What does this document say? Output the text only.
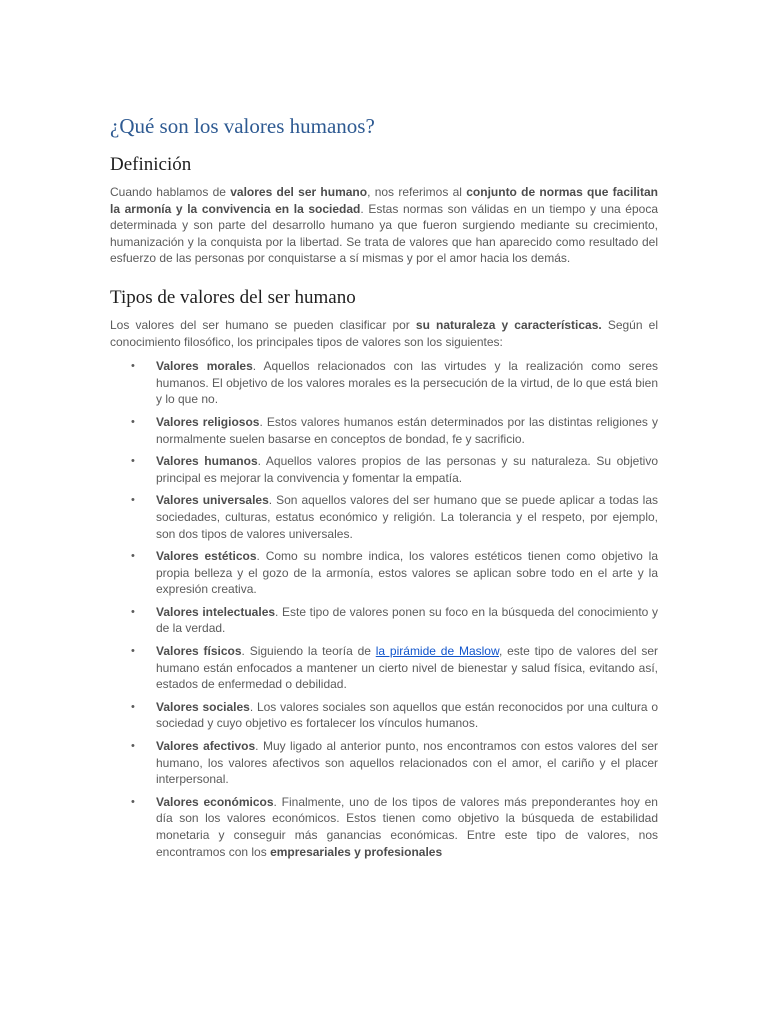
¿Qué son los valores humanos?
Definición

Cuando hablamos de valores del ser humano, nos referimos al conjunto de normas que facilitan la armonía y la convivencia en la sociedad. Estas normas son válidas en un tiempo y una época determinada y son parte del desarrollo humano ya que fueron surgiendo mediante su crecimiento, humanización y la conquista por la libertad. Se trata de valores que han aparecido como resultado del esfuerzo de las personas por conquistarse a sí mismas y por el amor hacia los demás.

Tipos de valores del ser humano

Los valores del ser humano se pueden clasificar por su naturaleza y características. Según el conocimiento filosófico, los principales tipos de valores son los siguientes:

• Valores morales. Aquellos relacionados con las virtudes y la realización como seres humanos. El objetivo de los valores morales es la persecución de la virtud, de lo que está bien y lo que no.
• Valores religiosos. Estos valores humanos están determinados por las distintas religiones y normalmente suelen basarse en conceptos de bondad, fe y sacrificio.
• Valores humanos. Aquellos valores propios de las personas y su naturaleza. Su objetivo principal es mejorar la convivencia y fomentar la empatía.
• Valores universales. Son aquellos valores del ser humano que se puede aplicar a todas las sociedades, culturas, estatus económico y religión. La tolerancia y el respeto, por ejemplo, son dos tipos de valores universales.
• Valores estéticos. Como su nombre indica, los valores estéticos tienen como objetivo la propia belleza y el gozo de la armonía, estos valores se aplican sobre todo en el arte y la expresión creativa.
• Valores intelectuales. Este tipo de valores ponen su foco en la búsqueda del conocimiento y de la verdad.
• Valores físicos. Siguiendo la teoría de la pirámide de Maslow, este tipo de valores del ser humano están enfocados a mantener un cierto nivel de bienestar y salud física, evitando así, estados de enfermedad o debilidad.
• Valores sociales. Los valores sociales son aquellos que están reconocidos por una cultura o sociedad y cuyo objetivo es fortalecer los vínculos humanos.
• Valores afectivos. Muy ligado al anterior punto, nos encontramos con estos valores del ser humano, los valores afectivos son aquellos relacionados con el amor, el cariño y el placer interpersonal.
• Valores económicos. Finalmente, uno de los tipos de valores más preponderantes hoy en día son los valores económicos. Estos tienen como objetivo la búsqueda de estabilidad monetaria y conseguir más ganancias económicas. Entre este tipo de valores, nos encontramos con los empresariales y profesionales
